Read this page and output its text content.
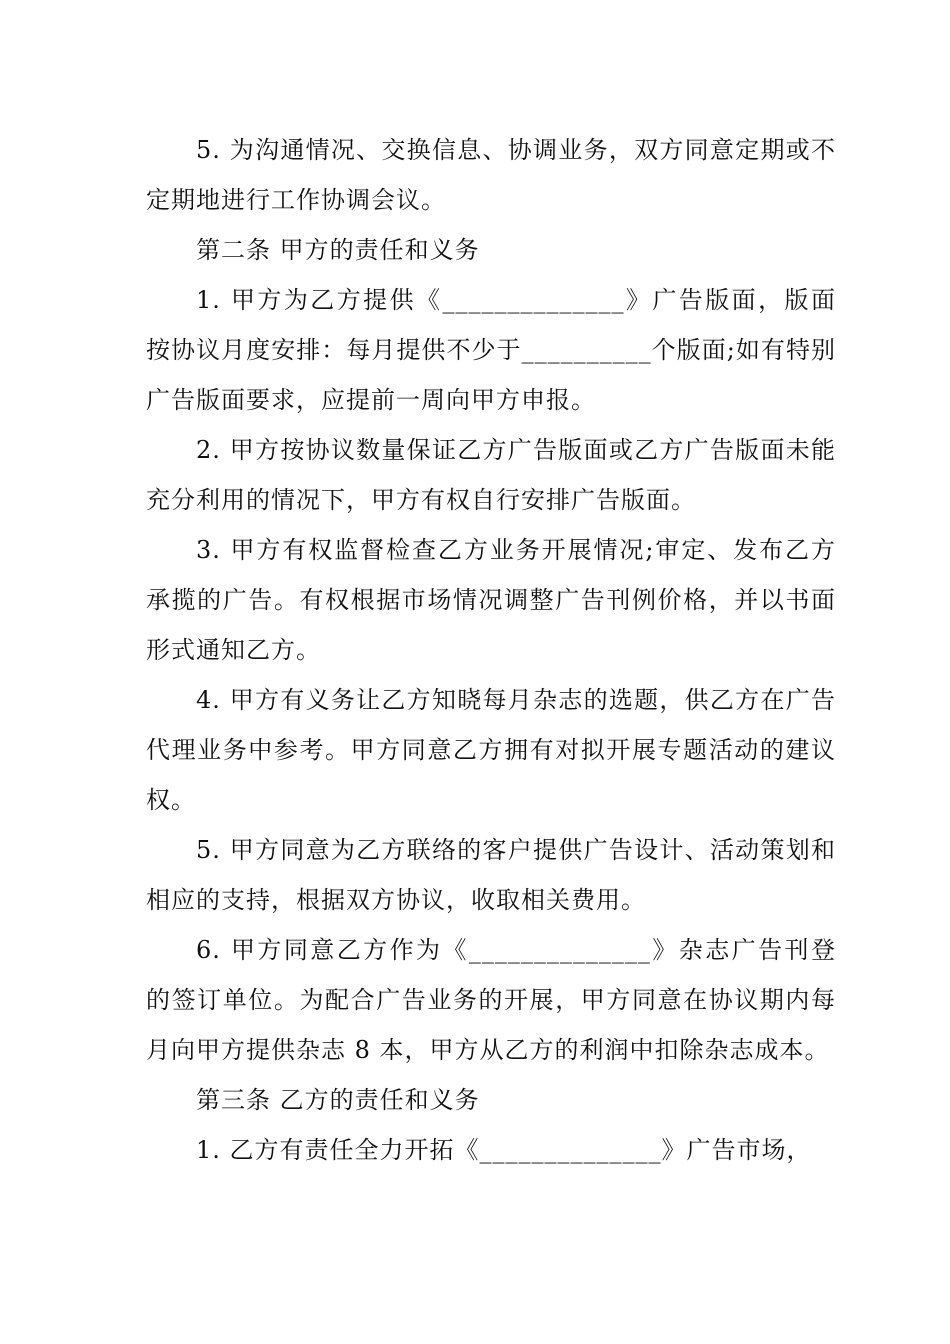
5. 为沟通情况、交换信息、协调业务，双方同意定期或不定期地进行工作协调会议。

第二条 甲方的责任和义务

1. 甲方为乙方提供《______________》广告版面，版面按协议月度安排：每月提供不少于__________个版面;如有特别广告版面要求，应提前一周向甲方申报。

2. 甲方按协议数量保证乙方广告版面或乙方广告版面未能充分利用的情况下，甲方有权自行安排广告版面。

3. 甲方有权监督检查乙方业务开展情况;审定、发布乙方承揽的广告。有权根据市场情况调整广告刊例价格，并以书面形式通知乙方。

4. 甲方有义务让乙方知晓每月杂志的选题，供乙方在广告代理业务中参考。甲方同意乙方拥有对拟开展专题活动的建议权。

5. 甲方同意为乙方联络的客户提供广告设计、活动策划和相应的支持，根据双方协议，收取相关费用。

6. 甲方同意乙方作为《______________》杂志广告刊登的签订单位。为配合广告业务的开展，甲方同意在协议期内每月向甲方提供杂志 8 本，甲方从乙方的利润中扣除杂志成本。

第三条 乙方的责任和义务

1. 乙方有责任全力开拓《______________》广告市场，
